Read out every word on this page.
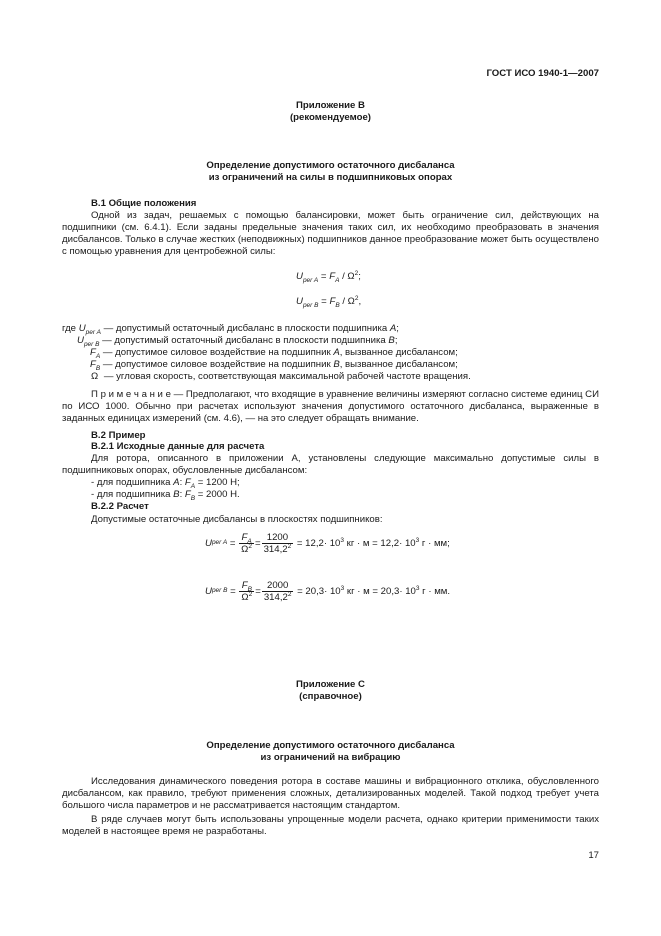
ГОСТ ИСО 1940-1—2007
Приложение В
(рекомендуемое)
Определение допустимого остаточного дисбаланса
из ограничений на силы в подшипниковых опорах
В.1 Общие положения
Одной из задач, решаемых с помощью балансировки, может быть ограничение сил, действующих на подшипники (см. 6.4.1). Если заданы предельные значения таких сил, их необходимо преобразовать в значения дисбалансов. Только в случае жестких (неподвижных) подшипников данное преобразование может быть осуществлено с помощью уравнения для центробежной силы:
$U_{per A} = F_A / \Omega^2$;
$U_{per B} = F_B / \Omega^2$,
где $U_{per A}$ — допустимый остаточный дисбаланс в плоскости подшипника A;
$U_{per B}$ — допустимый остаточный дисбаланс в плоскости подшипника B;
$F_A$ — допустимое силовое воздействие на подшипник A, вызванное дисбалансом;
$F_B$ — допустимое силовое воздействие на подшипник B, вызванное дисбалансом;
Ω — угловая скорость, соответствующая максимальной рабочей частоте вращения.
П р и м е ч а н и е — Предполагают, что входящие в уравнение величины измеряют согласно системе единиц СИ по ИСО 1000. Обычно при расчетах используют значения допустимого остаточного дисбаланса, выраженные в заданных единицах измерений (см. 4.6), — на это следует обращать внимание.
В.2 Пример
В.2.1 Исходные данные для расчета
Для ротора, описанного в приложении А, установлены следующие максимально допустимые силы в подшипниковых опорах, обусловленные дисбалансом:
- для подшипника A: $F_A = 1200$ Н;
- для подшипника B: $F_B = 2000$ Н.
В.2.2 Расчет
Допустимые остаточные дисбалансы в плоскостях подшипников:
U per $A = \frac{F_A}{\Omega^2} = \frac{1200}{314,2^2} = 12,2\cdot 10^3$ кг · $м = 12,2\cdot 10^3$ г · мм;
U per $B = \frac{F_B}{\Omega^2} = \frac{2000}{314,2^2} = 20,3\cdot 10^3$ кг · $м = 20,3\cdot 10^3$ г · мм.
Приложение С
(справочное)
Определение допустимого остаточного дисбаланса
из ограничений на вибрацию
Исследования динамического поведения ротора в составе машины и вибрационного отклика, обусловленного дисбалансом, как правило, требуют применения сложных, детализированных моделей. Такой подход требует учета большого числа параметров и не рассматривается настоящим стандартом.
В ряде случаев могут быть использованы упрощенные модели расчета, однако критерии применимости таких моделей в настоящее время не разработаны.
17
